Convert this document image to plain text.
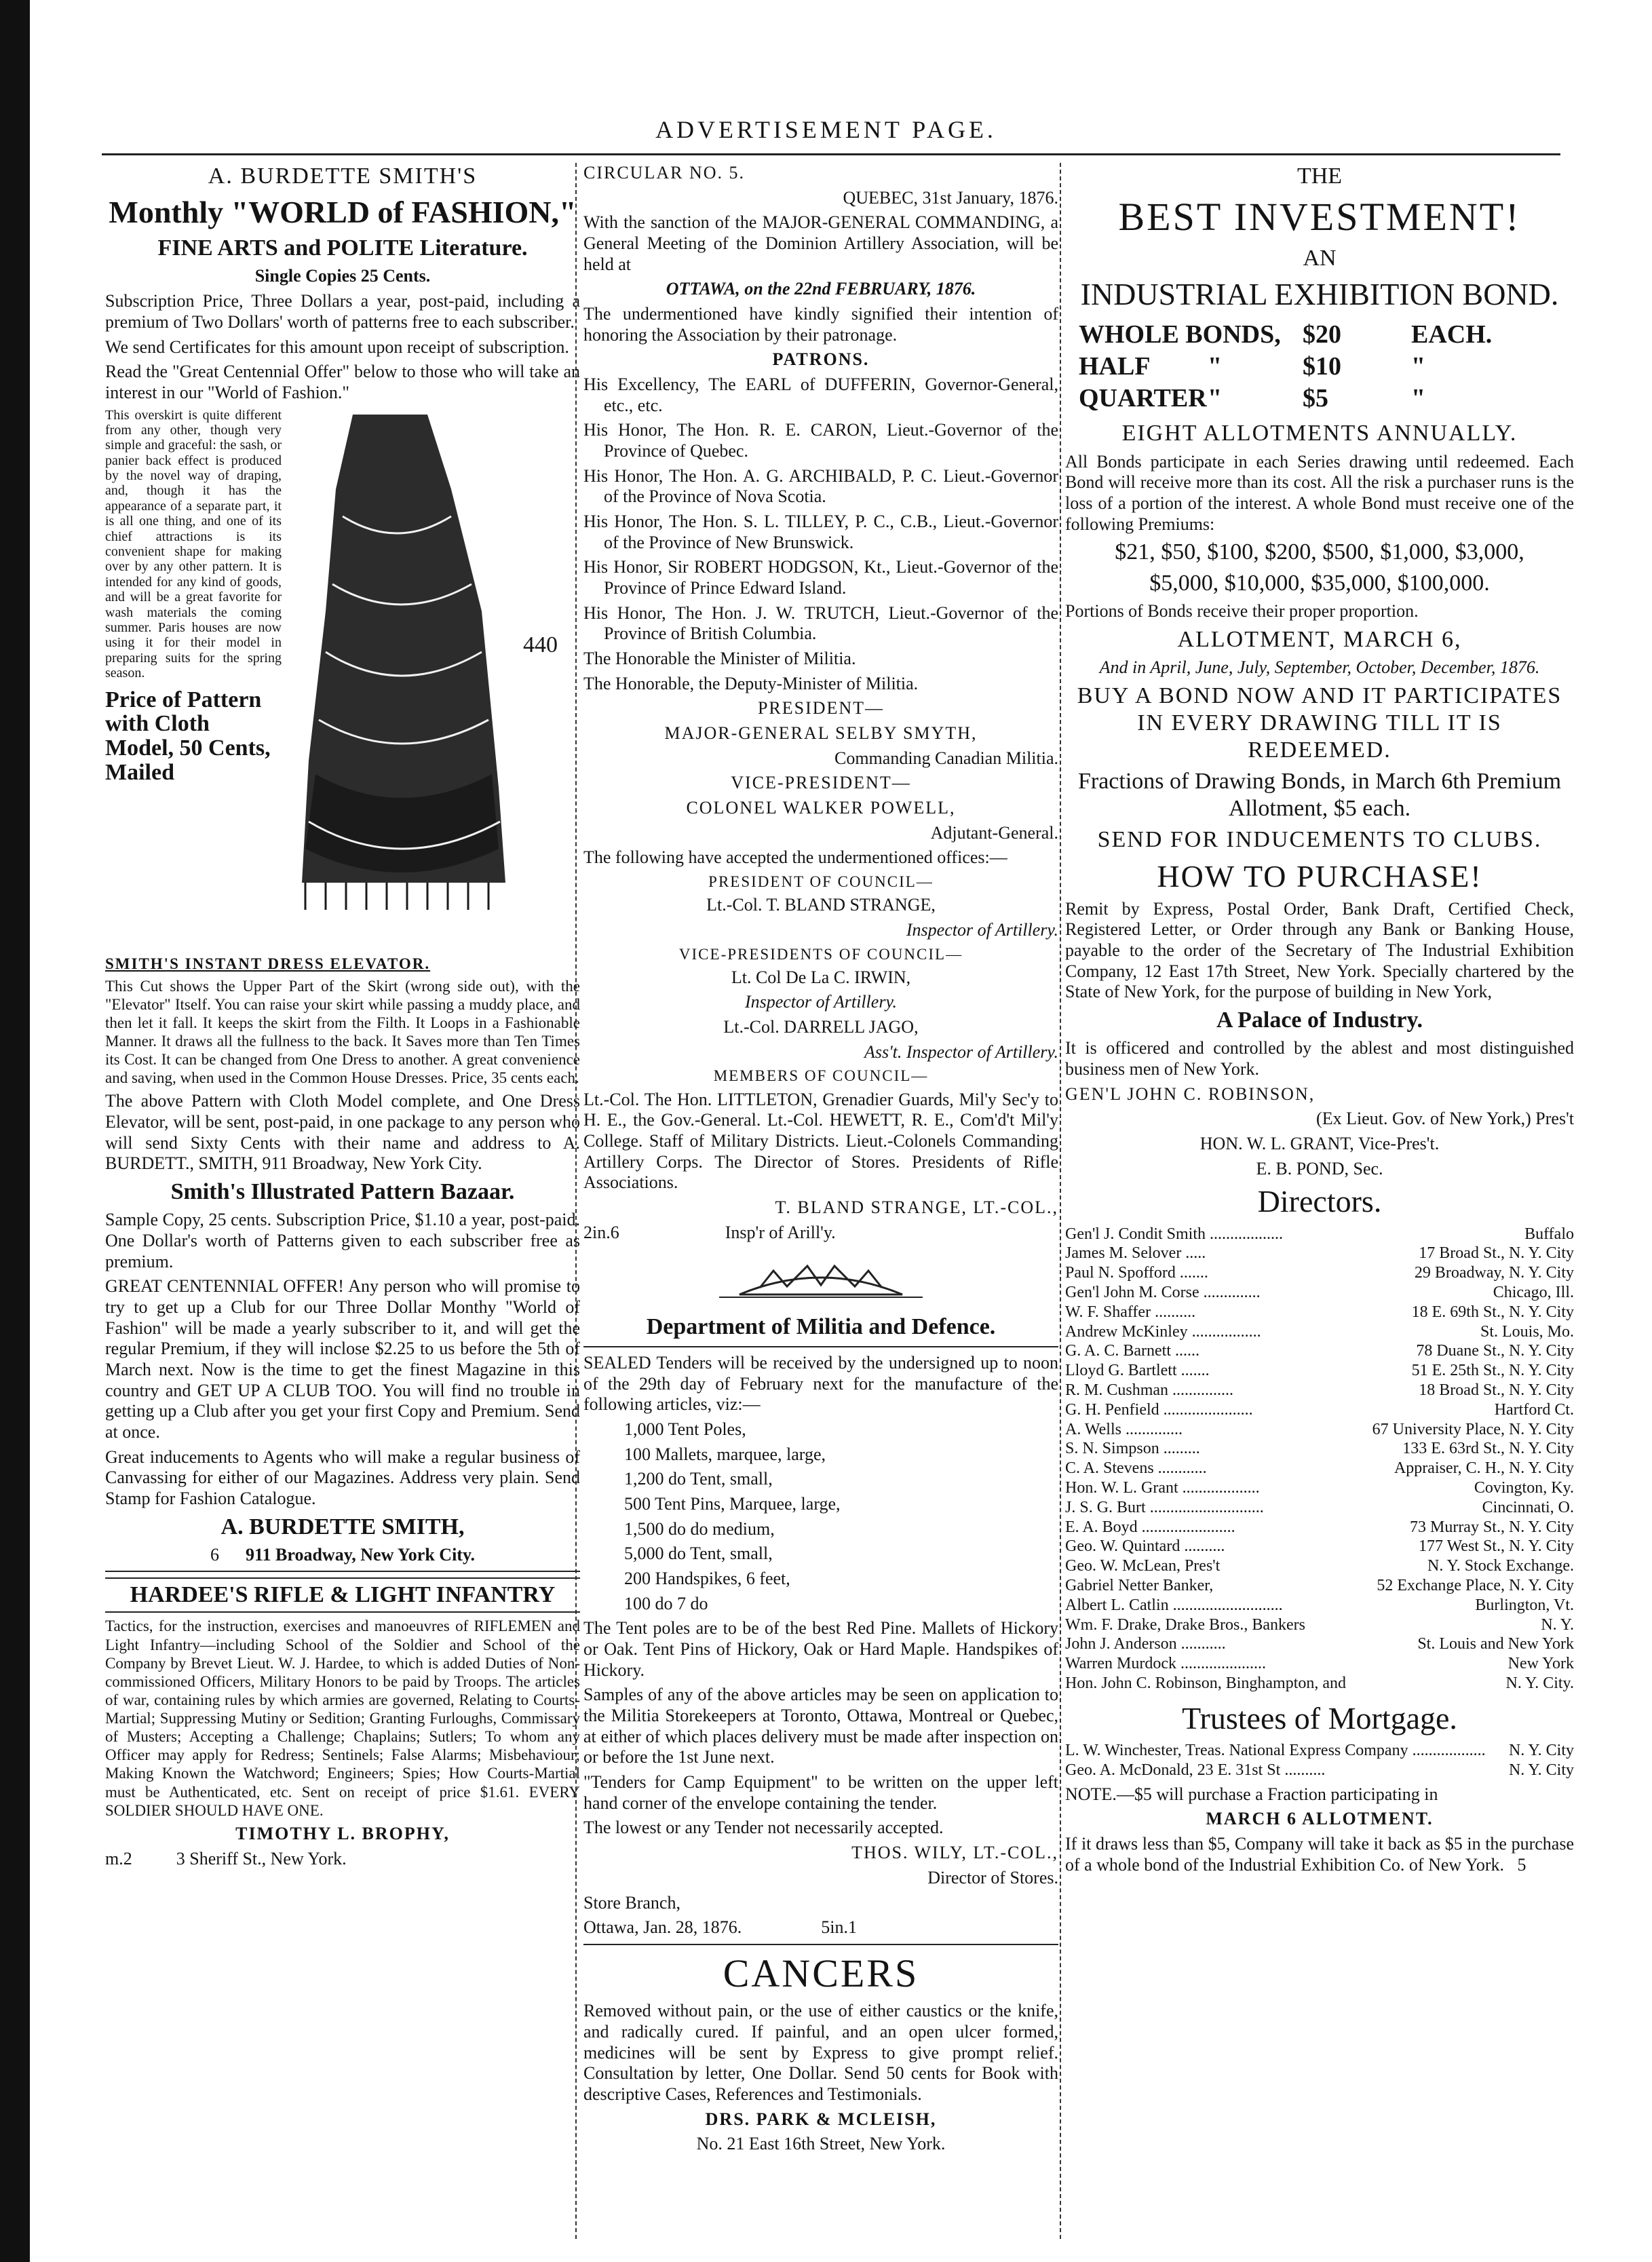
ADVERTISEMENT PAGE.

A. BURDETTE SMITH'S

Monthly "WORLD of FASHION,"

FINE ARTS and POLITE Literature.

Single Copies 25 Cents.

Subscription Price, Three Dollars a year, post-paid, including a premium of Two Dollars' worth of patterns free to each subscriber.

We send Certificates for this amount upon receipt of subscription.

Read the "Great Centennial Offer" below to those who will take an interest in our "World of Fashion."

This overskirt is quite different from any other, though very simple and graceful: the sash, or panier back effect is produced by the novel way of draping, and, though it has the appearance of a separate part, it is all one thing, and one of its chief attractions is its convenient shape for making over by any other pattern. It is intended for any kind of goods, and will be a great favorite for wash materials the coming summer. Paris houses are now using it for their model in preparing suits for the spring season.
Price of Pattern with Cloth Model, 50 Cents, Mailed
440

SMITH'S INSTANT DRESS ELEVATOR.

This Cut shows the Upper Part of the Skirt (wrong side out), with the "Elevator" Itself. You can raise your skirt while passing a muddy place, and then let it fall. It keeps the skirt from the Filth. It Loops in a Fashionable Manner. It draws all the fullness to the back. It Saves more than Ten Times its Cost. It can be changed from One Dress to another. A great convenience and saving, when used in the Common House Dresses. Price, 35 cents each.

The above Pattern with Cloth Model complete, and One Dress Elevator, will be sent, post-paid, in one package to any person who will send Sixty Cents with their name and address to A. BURDETT., SMITH, 911 Broadway, New York City.

Smith's Illustrated Pattern Bazaar.

Sample Copy, 25 cents. Subscription Price, $1.10 a year, post-paid. One Dollar's worth of Patterns given to each subscriber free as premium.

GREAT CENTENNIAL OFFER! Any person who will promise to try to get up a Club for our Three Dollar Monthy "World of Fashion" will be made a yearly subscriber to it, and will get the regular Premium, if they will inclose $2.25 to us before the 5th of March next. Now is the time to get the finest Magazine in this country and GET UP A CLUB TOO. You will find no trouble in getting up a Club after you get your first Copy and Premium. Send at once.

Great inducements to Agents who will make a regular business of Canvassing for either of our Magazines. Address very plain. Send Stamp for Fashion Catalogue.

A. BURDETTE SMITH,

6 911 Broadway, New York City.

HARDEE'S RIFLE & LIGHT INFANTRY

Tactics, for the instruction, exercises and manoeuvres of RIFLEMEN and Light Infantry—including School of the Soldier and School of the Company by Brevet Lieut. W. J. Hardee, to which is added Duties of Non-commissioned Officers, Military Honors to be paid by Troops. The articles of war, containing rules by which armies are governed, Relating to Courts-Martial; Suppressing Mutiny or Sedition; Granting Furloughs, Commissary of Musters; Accepting a Challenge; Chaplains; Sutlers; To whom any Officer may apply for Redress; Sentinels; False Alarms; Misbehaviour; Making Known the Watchword; Engineers; Spies; How Courts-Martial must be Authenticated, etc. Sent on receipt of price $1.61. EVERY SOLDIER SHOULD HAVE ONE.

TIMOTHY L. BROPHY,

m.2	3 Sheriff St., New York.

CIRCULAR NO. 5.

QUEBEC, 31st January, 1876.

With the sanction of the MAJOR-GENERAL COMMANDING, a General Meeting of the Dominion Artillery Association, will be held at

OTTAWA, on the 22nd FEBRUARY, 1876.

The undermentioned have kindly signified their intention of honoring the Association by their patronage.

PATRONS.

His Excellency, The EARL of DUFFERIN, Governor-General, etc., etc.

His Honor, The Hon. R. E. CARON, Lieut.-Governor of the Province of Quebec.

His Honor, The Hon. A. G. ARCHIBALD, P. C. Lieut.-Governor of the Province of Nova Scotia.

His Honor, The Hon. S. L. TILLEY, P. C., C.B., Lieut.-Governor of the Province of New Brunswick.

His Honor, Sir ROBERT HODGSON, Kt., Lieut.-Governor of the Province of Prince Edward Island.

His Honor, The Hon. J. W. TRUTCH, Lieut.-Governor of the Province of British Columbia.

The Honorable the Minister of Militia.

The Honorable, the Deputy-Minister of Militia.

PRESIDENT—

MAJOR-GENERAL SELBY SMYTH,

Commanding Canadian Militia.

VICE-PRESIDENT—

COLONEL WALKER POWELL,

Adjutant-General.

The following have accepted the undermentioned offices:—

PRESIDENT OF COUNCIL—

Lt.-Col. T. BLAND STRANGE,

Inspector of Artillery.

VICE-PRESIDENTS OF COUNCIL—

Lt. Col De La C. IRWIN,

Inspector of Artillery.

Lt.-Col. DARRELL JAGO,

Ass't. Inspector of Artillery.

MEMBERS OF COUNCIL—

Lt.-Col. The Hon. LITTLETON, Grenadier Guards, Mil'y Sec'y to H. E., the Gov.-General. Lt.-Col. HEWETT, R. E., Com'd't Mil'y College. Staff of Military Districts. Lieut.-Colonels Commanding Artillery Corps. The Director of Stores. Presidents of Rifle Associations.

T. BLAND STRANGE, LT.-COL.,

2in.6	Insp'r of Arill'y.

Department of Militia and Defence.

SEALED Tenders will be received by the undersigned up to noon of the 29th day of February next for the manufacture of the following articles, viz:—

1,000 Tent Poles,

100 Mallets, marquee, large,

1,200 do Tent, small,

500 Tent Pins, Marquee, large,

1,500 do do medium,

5,000 do Tent, small,

200 Handspikes, 6 feet,

100 do 7 do

The Tent poles are to be of the best Red Pine. Mallets of Hickory or Oak. Tent Pins of Hickory, Oak or Hard Maple. Handspikes of Hickory.

Samples of any of the above articles may be seen on application to the Militia Storekeepers at Toronto, Ottawa, Montreal or Quebec, at either of which places delivery must be made after inspection on or before the 1st June next.

"Tenders for Camp Equipment" to be written on the upper left hand corner of the envelope containing the tender.

The lowest or any Tender not necessarily accepted.

THOS. WILY, LT.-COL.,

Director of Stores.

Store Branch,

Ottawa, Jan. 28, 1876.	5in.1

CANCERS

Removed without pain, or the use of either caustics or the knife, and radically cured. If painful, and an open ulcer formed, medicines will be sent by Express to give prompt relief. Consultation by letter, One Dollar. Send 50 cents for Book with descriptive Cases, References and Testimonials.

DRS. PARK & MCLEISH,

No. 21 East 16th Street, New York.

THE

BEST INVESTMENT!

AN

INDUSTRIAL EXHIBITION BOND.

WHOLE BONDS, $20	EACH.
HALF	"	$10	"
QUARTER "	$5	"

EIGHT ALLOTMENTS ANNUALLY.

All Bonds participate in each Series drawing until redeemed. Each Bond will receive more than its cost. All the risk a purchaser runs is the loss of a portion of the interest. A whole Bond must receive one of the following Premiums:

$21, $50, $100, $200, $500, $1,000, $3,000,

$5,000, $10,000, $35,000, $100,000.

Portions of Bonds receive their proper proportion.

ALLOTMENT, MARCH 6,

And in April, June, July, September, October, December, 1876.

BUY A BOND NOW AND IT PARTICIPATES IN EVERY DRAWING TILL IT IS REDEEMED.

Fractions of Drawing Bonds, in March 6th Premium Allotment, $5 each.

SEND FOR INDUCEMENTS TO CLUBS.

HOW TO PURCHASE!

Remit by Express, Postal Order, Bank Draft, Certified Check, Registered Letter, or Order through any Bank or Banking House, payable to the order of the Secretary of The Industrial Exhibition Company, 12 East 17th Street, New York. Specially chartered by the State of New York, for the purpose of building in New York,

A Palace of Industry.

It is officered and controlled by the ablest and most distinguished business men of New York.

GEN'L JOHN C. ROBINSON,

(Ex Lieut. Gov. of New York,) Pres't

HON. W. L. GRANT, Vice-Pres't.

E. B. POND, Sec.

Directors.

Gen'l J. Condit Smith ..................	Buffalo
James M. Selover .....	17 Broad St., N. Y. City
Paul N. Spofford .......	29 Broadway, N. Y. City
Gen'l John M. Corse ..............	Chicago, Ill.
W. F. Shaffer ..........	18 E. 69th St., N. Y. City
Andrew McKinley .................	St. Louis, Mo.
G. A. C. Barnett ......	78 Duane St., N. Y. City
Lloyd G. Bartlett .......	51 E. 25th St., N. Y. City
R. M. Cushman ...............	18 Broad St., N. Y. City
G. H. Penfield ......................	Hartford Ct.
A. Wells ..............	67 University Place, N. Y. City
S. N. Simpson .........	133 E. 63rd St., N. Y. City
C. A. Stevens ............	Appraiser, C. H., N. Y. City
Hon. W. L. Grant ...................	Covington, Ky.
J. S. G. Burt ............................	Cincinnati, O.
E. A. Boyd .......................	73 Murray St., N. Y. City
Geo. W. Quintard ..........	177 West St., N. Y. City
Geo. W. McLean, Pres't	N. Y. Stock Exchange.
Gabriel Netter Banker,	52 Exchange Place, N. Y. City
Albert L. Catlin ...........................	Burlington, Vt.
Wm. F. Drake, Drake Bros., Bankers	N. Y.
John J. Anderson ...........	St. Louis and New York
Warren Murdock .....................	New York
Hon. John C. Robinson, Binghampton, and	N. Y. City.

Trustees of Mortgage.

L. W. Winchester, Treas. National Express Company .................. N. Y. City
Geo. A. McDonald, 23 E. 31st St ..........	N. Y. City

NOTE.—$5 will purchase a Fraction participating in

MARCH 6 ALLOTMENT.

If it draws less than $5, Company will take it back as $5 in the purchase of a whole bond of the Industrial Exhibition Co. of New York. 5
